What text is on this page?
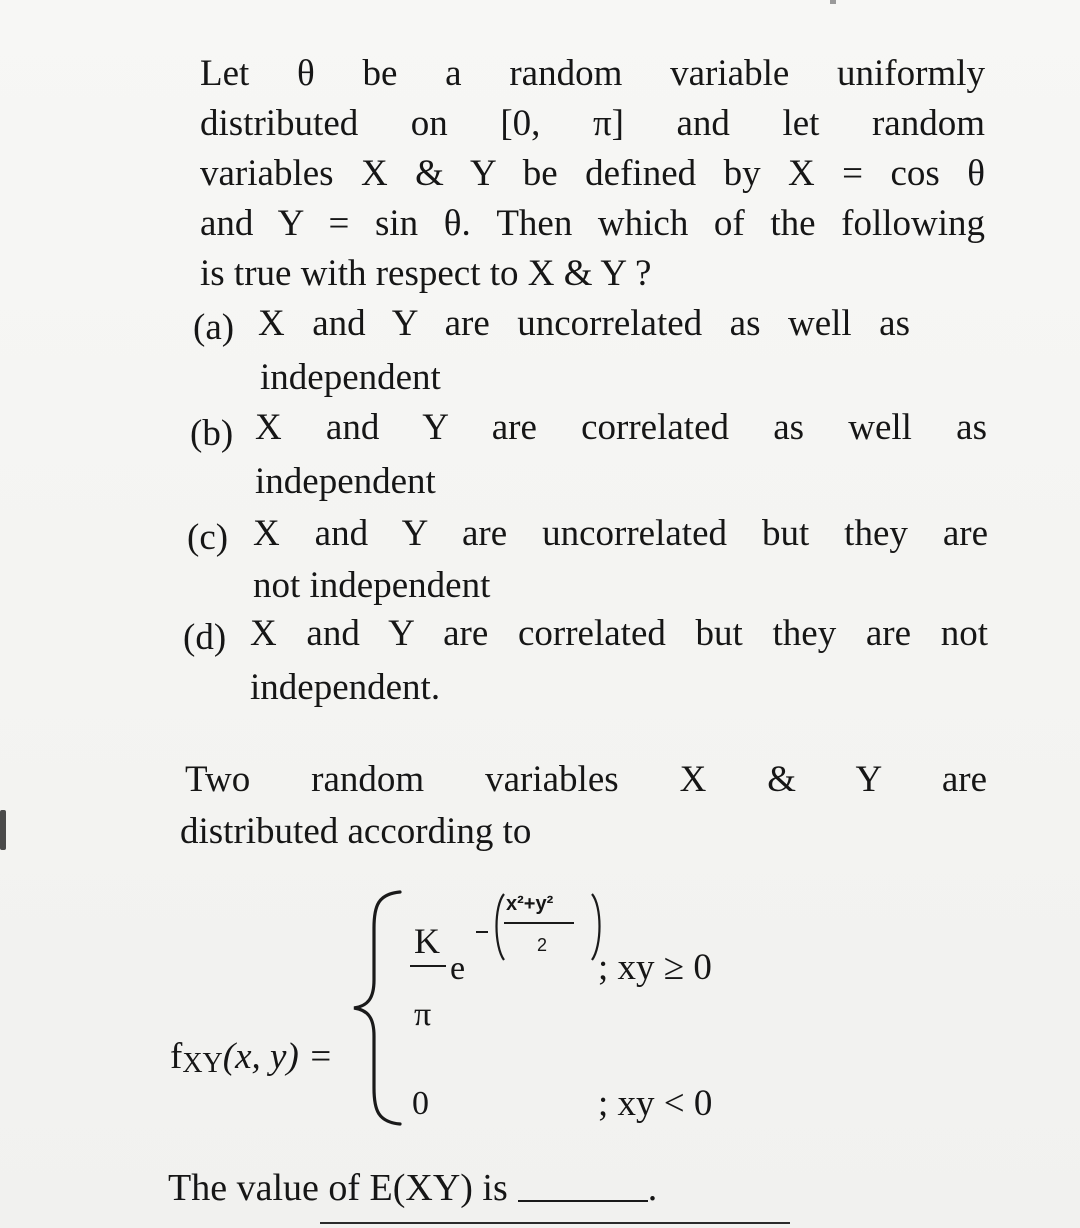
Let θ be a random variable uniformly
distributed on [0, π] and let random
variables X & Y be defined by X = cos θ
and Y = sin θ. Then which of the following
is true with respect to X & Y ?
(a) X and Y are uncorrelated as well as
independent
(b) X and Y are correlated as well as
independent
(c) X and Y are uncorrelated but they are
not independent
(d) X and Y are correlated but they are not
independent.
Two random variables X & Y are
distributed according to
$f_{XY}(x$, y) =
K
π
e
x²+y²
2
; xy ≥ 0
0	; xy < 0
The value of E(XY) is	.
